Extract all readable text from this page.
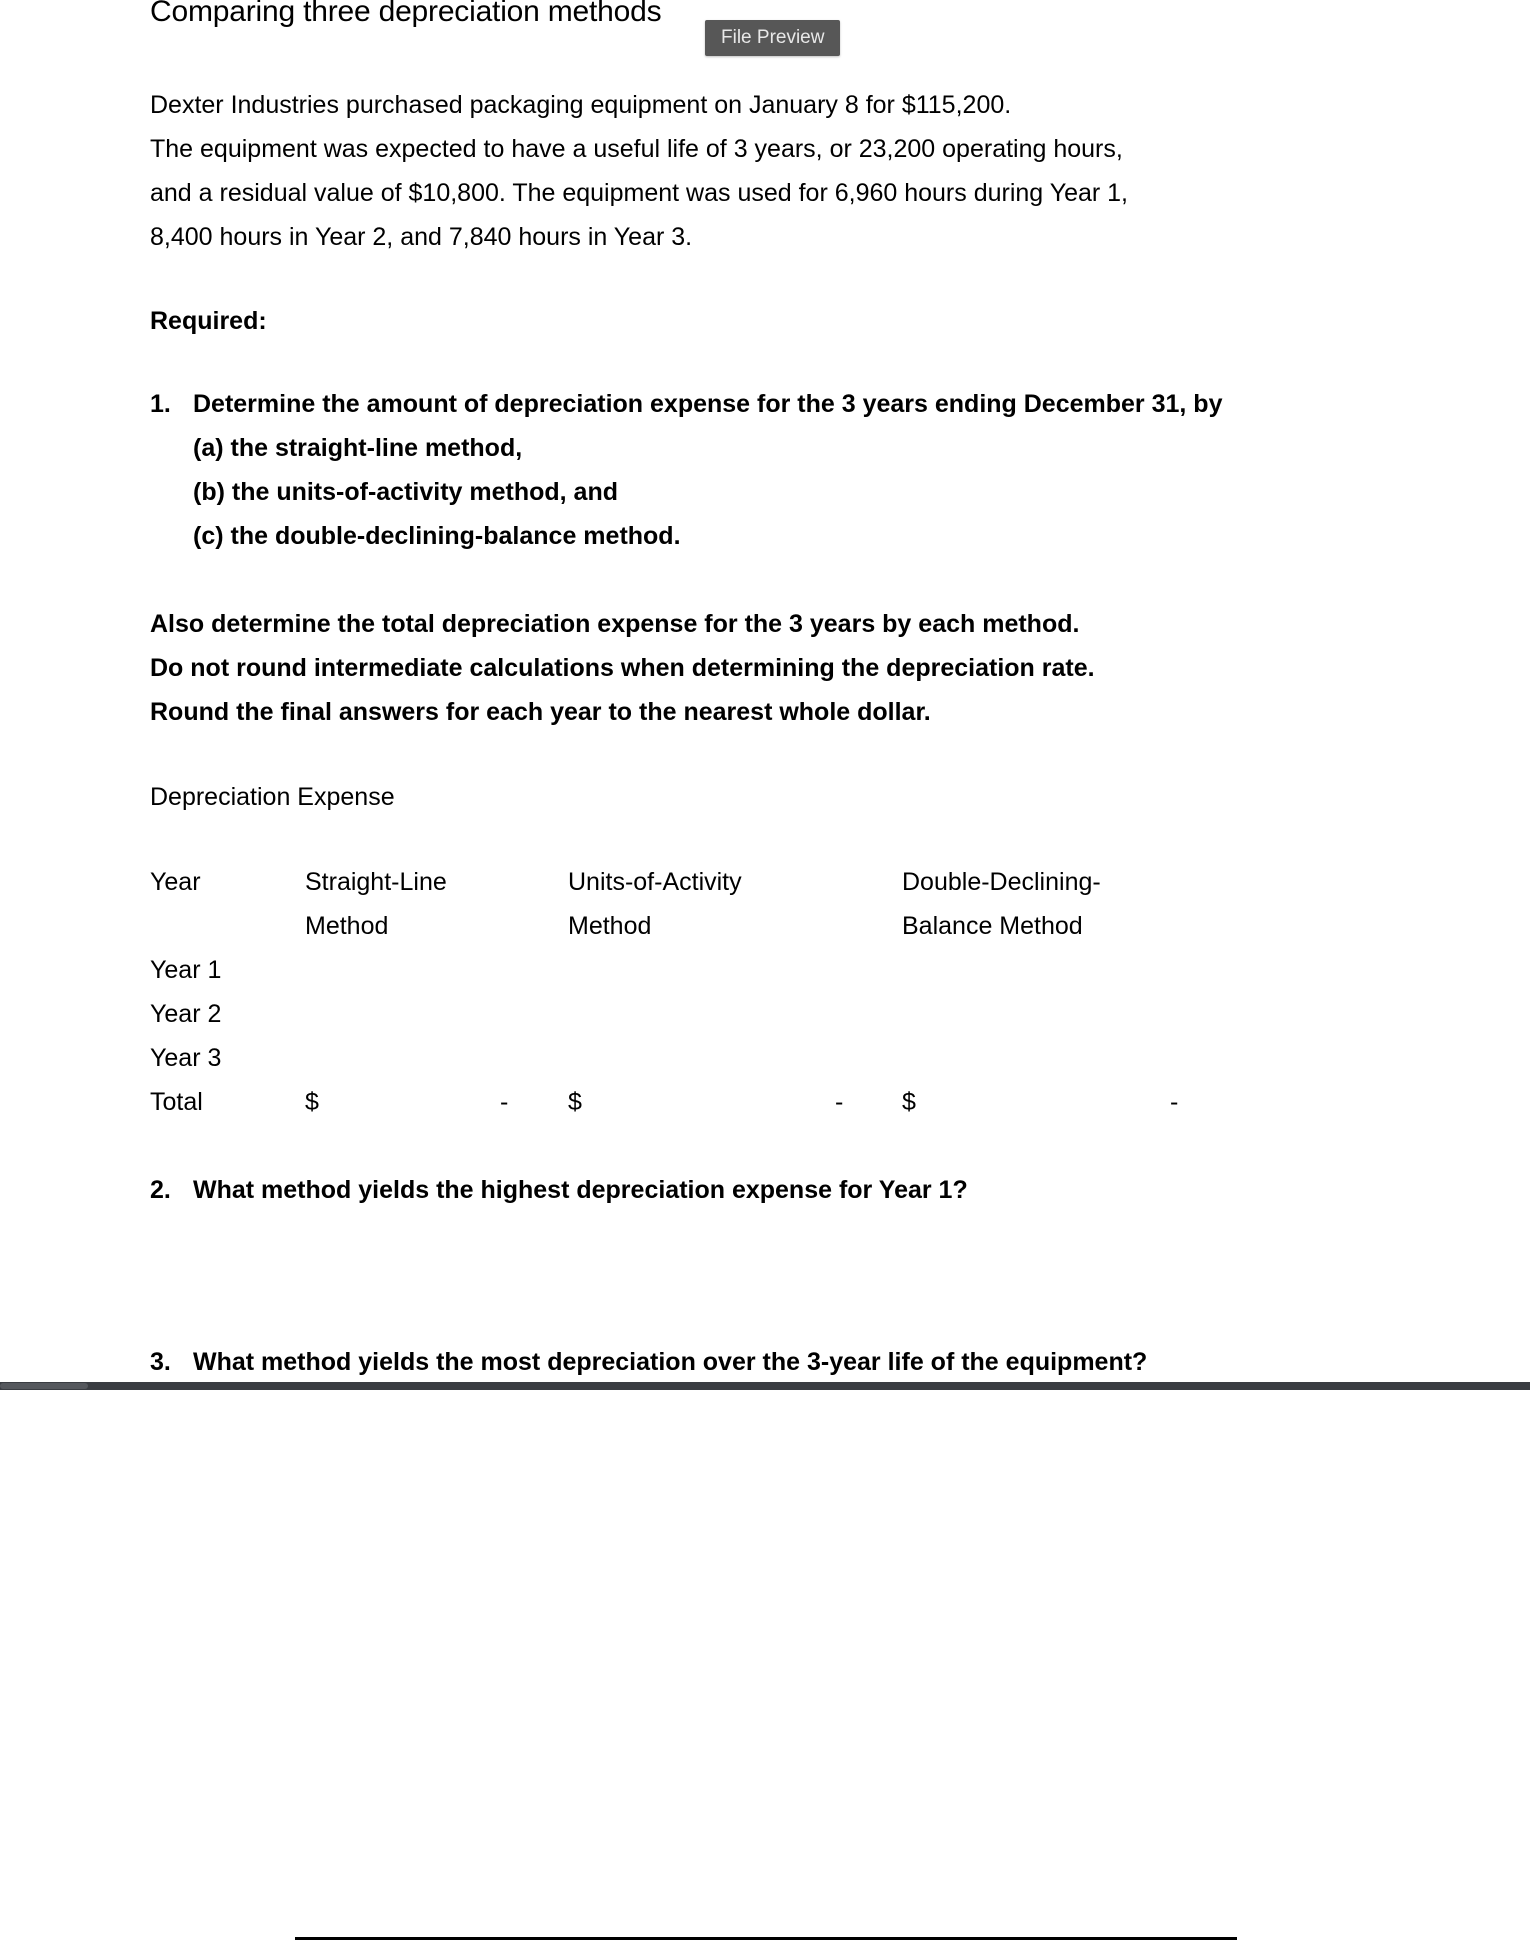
Comparing three depreciation methods
File Preview
Dexter Industries purchased packaging equipment on January 8 for $115,200.
The equipment was expected to have a useful life of 3 years, or 23,200 operating hours,
and a residual value of $10,800. The equipment was used for 6,960 hours during Year 1,
8,400 hours in Year 2, and 7,840 hours in Year 3.
Required:
1. Determine the amount of depreciation expense for the 3 years ending December 31, by
(a) the straight-line method,
(b) the units-of-activity method, and
(c) the double-declining-balance method.
Also determine the total depreciation expense for the 3 years by each method.
Do not round intermediate calculations when determining the depreciation rate.
Round the final answers for each year to the nearest whole dollar.
Depreciation Expense
Year	Straight-Line	Units-of-Activity	Double-Declining-
Method	Method	Balance Method
Year 1
Year 2
Year 3
Total	$	- $	- $	-
2. What method yields the highest depreciation expense for Year 1?
3. What method yields the most depreciation over the 3-year life of the equipment?
